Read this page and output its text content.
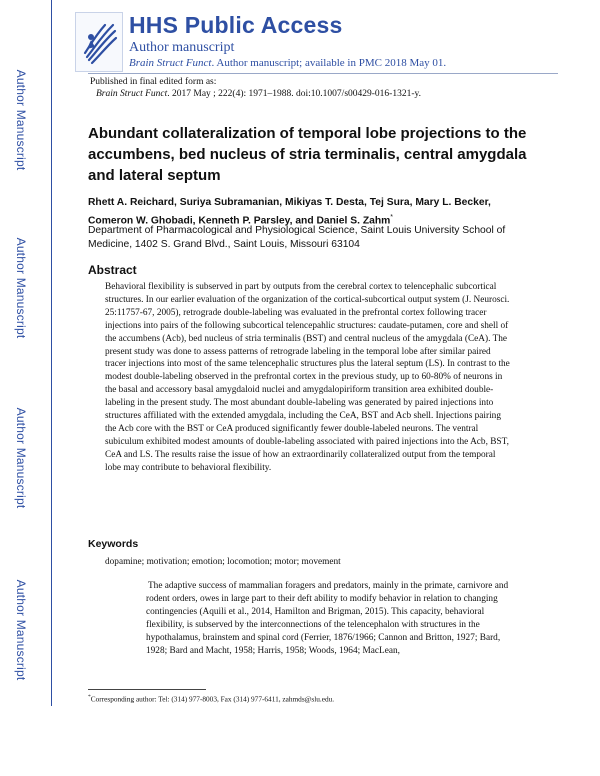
Author Manuscript
Author Manuscript
Author Manuscript
Author Manuscript
HHS Public Access
Author manuscript
Brain Struct Funct. Author manuscript; available in PMC 2018 May 01.
Published in final edited form as:
Brain Struct Funct. 2017 May ; 222(4): 1971–1988. doi:10.1007/s00429-016-1321-y.
Abundant collateralization of temporal lobe projections to the accumbens, bed nucleus of stria terminalis, central amygdala and lateral septum
Rhett A. Reichard, Suriya Subramanian, Mikiyas T. Desta, Tej Sura, Mary L. Becker,
Comeron W. Ghobadi, Kenneth P. Parsley, and Daniel S. Zahm*
Department of Pharmacological and Physiological Science, Saint Louis University School of Medicine, 1402 S. Grand Blvd., Saint Louis, Missouri 63104
Abstract
Behavioral flexibility is subserved in part by outputs from the cerebral cortex to telencephalic subcortical structures. In our earlier evaluation of the organization of the cortical-subcortical output system (J. Neurosci. 25:11757-67, 2005), retrograde double-labeling was evaluated in the prefrontal cortex following tracer injections into pairs of the following subcortical telencepahlic structures: caudate-putamen, core and shell of the accumbens (Acb), bed nucleus of stria terminalis (BST) and central nucleus of the amygdala (CeA). The present study was done to assess patterns of retrograde labeling in the temporal lobe after similar paired tracer injections into most of the same telencephalic structures plus the lateral septum (LS). In contrast to the modest double-labeling observed in the prefrontal cortex in the previous study, up to 60-80% of neurons in the basal and accessory basal amygdaloid nuclei and amygdalopiriform transition area exhibited double-labeling in the present study. The most abundant double-labeling was generated by paired injections into structures affiliated with the extended amygdala, including the CeA, BST and Acb shell. Injections pairing the Acb core with the BST or CeA produced significantly fewer double-labeled neurons. The ventral subiculum exhibited modest amounts of double-labeling associated with paired injections into the Acb, BST, CeA and LS. The results raise the issue of how an extraordinarily collateralized output from the temporal lobe may contribute to behavioral flexibility.
Keywords
dopamine; motivation; emotion; locomotion; motor; movement
The adaptive success of mammalian foragers and predators, mainly in the primate, carnivore and rodent orders, owes in large part to their deft ability to modify behavior in relation to changing contingencies (Aquili et al., 2014, Hamilton and Brigman, 2015). This capacity, behavioral flexibility, is subserved by the interconnections of the telencephalon with structures in the hypothalamus, brainstem and spinal cord (Ferrier, 1876/1966; Cannon and Britton, 1927; Bard, 1928; Bard and Macht, 1958; Harris, 1958; Woods, 1964; MacLean,
*Corresponding author: Tel: (314) 977-8003, Fax (314) 977-6411, zahmds@slu.edu.
